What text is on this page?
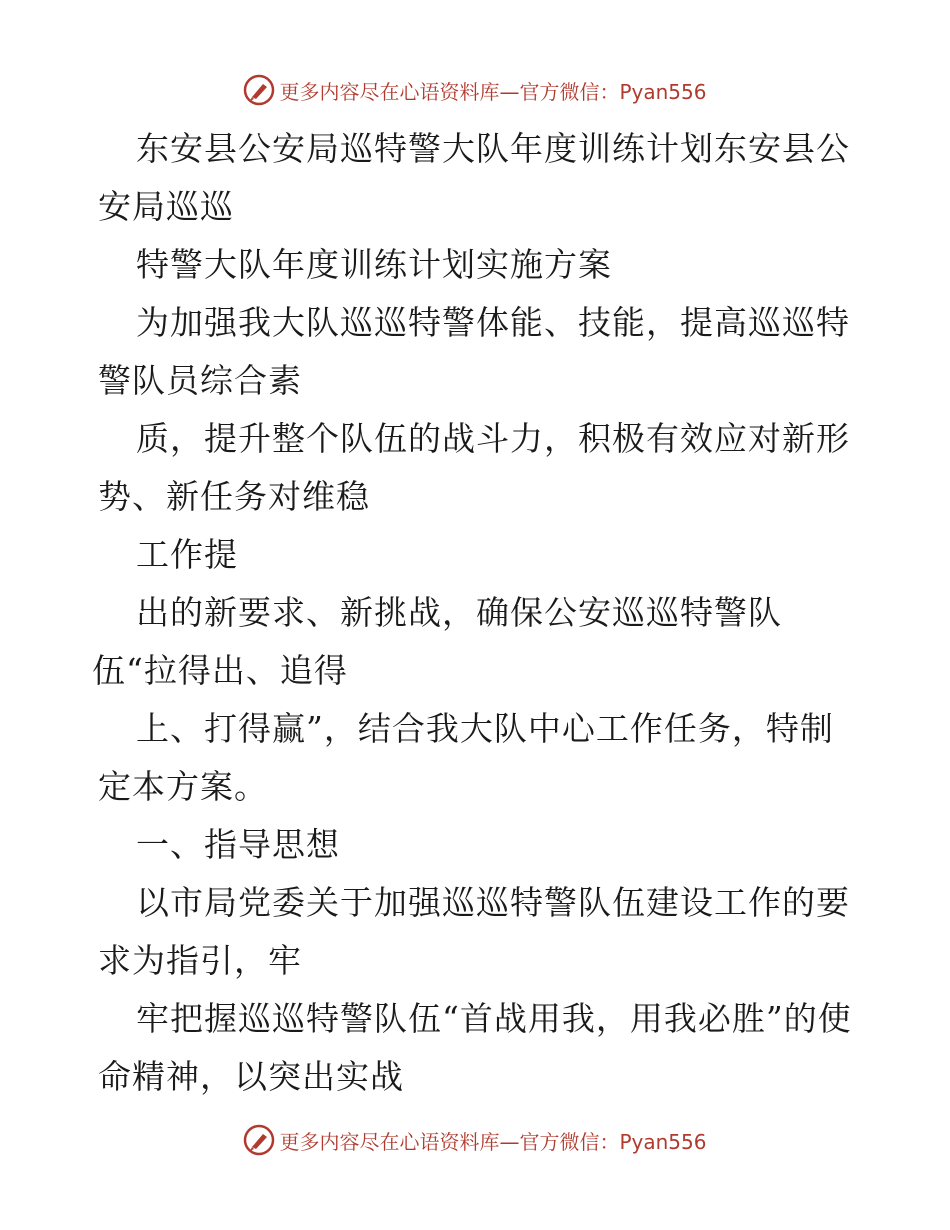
更多内容尽在心语资料库—官方微信：Pyan556

东安县公安局巡特警大队年度训练计划东安县公安局巡巡

特警大队年度训练计划实施方案

为加强我大队巡巡特警体能、技能，提高巡巡特警队员综合素

质，提升整个队伍的战斗力，积极有效应对新形势、新任务对维稳

工作提

出的新要求、新挑战，确保公安巡巡特警队

伍“拉得出、追得

上、打得赢”，结合我大队中心工作任务，特制定本方案。

一、指导思想

以市局党委关于加强巡巡特警队伍建设工作的要求为指引，牢

牢把握巡巡特警队伍“首战用我，用我必胜”的使命精神，以突出实战

更多内容尽在心语资料库—官方微信：Pyan556
